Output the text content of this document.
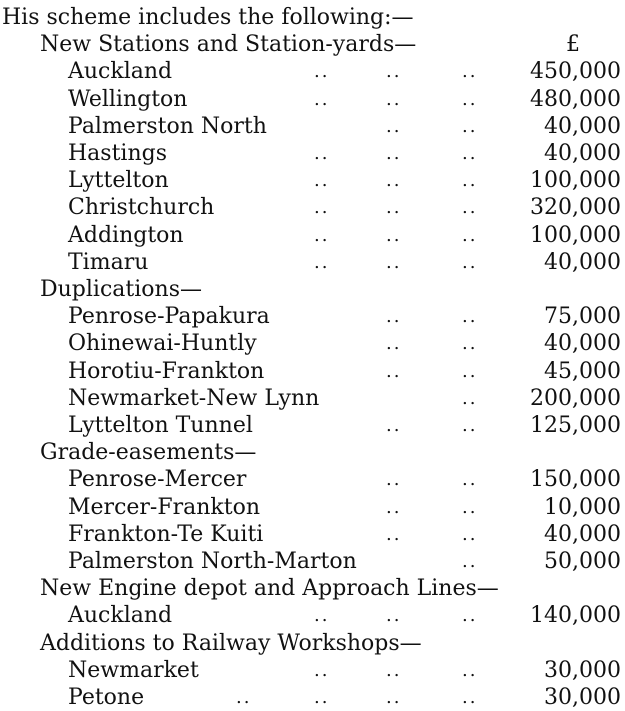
His scheme includes the following:—
New Stations and Station-yards—	£
Auckland	..	..	.. 450,000
Wellington	..	..	.. 480,000
Palmerston North	..	..	40,000
Hastings	..	..	..	40,000
Lyttelton	..	..	.. 100,000
Christchurch	..	..	.. 320,000
Addington	..	..	.. 100,000
Timaru	..	..	..	40,000
Duplications—
Penrose-Papakura	..	..	75,000
Ohinewai-Huntly	..	..	40,000
Horotiu-Frankton	..	..	45,000
Newmarket-New Lynn	.. 200,000
Lyttelton Tunnel	..	.. 125,000
Grade-easements—
Penrose-Mercer	..	.. 150,000
Mercer-Frankton	..	..	10,000
Frankton-Te Kuiti	..	..	40,000
Palmerston North-Marton	..	50,000
New Engine depot and Approach Lines—
Auckland	..	..	.. 140,000
Additions to Railway Workshops—
Newmarket	..	..	..	30,000
Petone	..	..	..	..	30,000
